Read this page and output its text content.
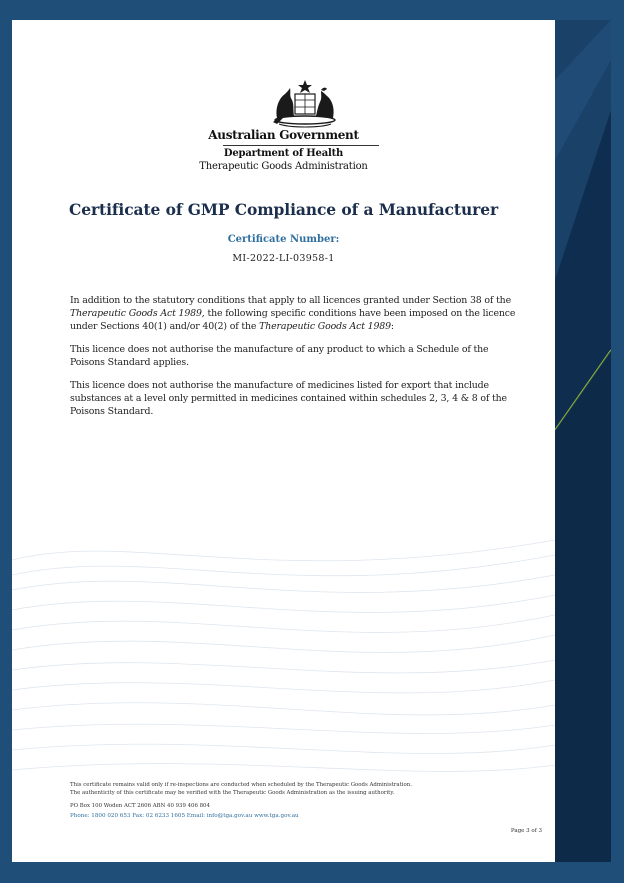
Australian Government
Department of Health
Therapeutic Goods Administration
Certificate of GMP Compliance of a Manufacturer
Certificate Number:
MI-2022-LI-03958-1

In addition to the statutory conditions that apply to all licences granted under Section 38 of the Therapeutic Goods Act 1989, the following specific conditions have been imposed on the licence under Sections 40(1) and/or 40(2) of the Therapeutic Goods Act 1989:

This licence does not authorise the manufacture of any product to which a Schedule of the Poisons Standard applies.

This licence does not authorise the manufacture of medicines listed for export that include substances at a level only permitted in medicines contained within schedules 2, 3, 4 & 8 of the Poisons Standard.

This certificate remains valid only if re-inspections are conducted when scheduled by the Therapeutic Goods Administration.
The authenticity of this certificate may be verified with the Therapeutic Goods Administration as the issuing authority.
PO Box 100 Woden ACT 2606 ABN 40 939 406 804
Phone: 1800 020 653 Fax: 02 6233 1605 Email: info@tga.gov.au www.tga.gov.au
Page 3 of 3
